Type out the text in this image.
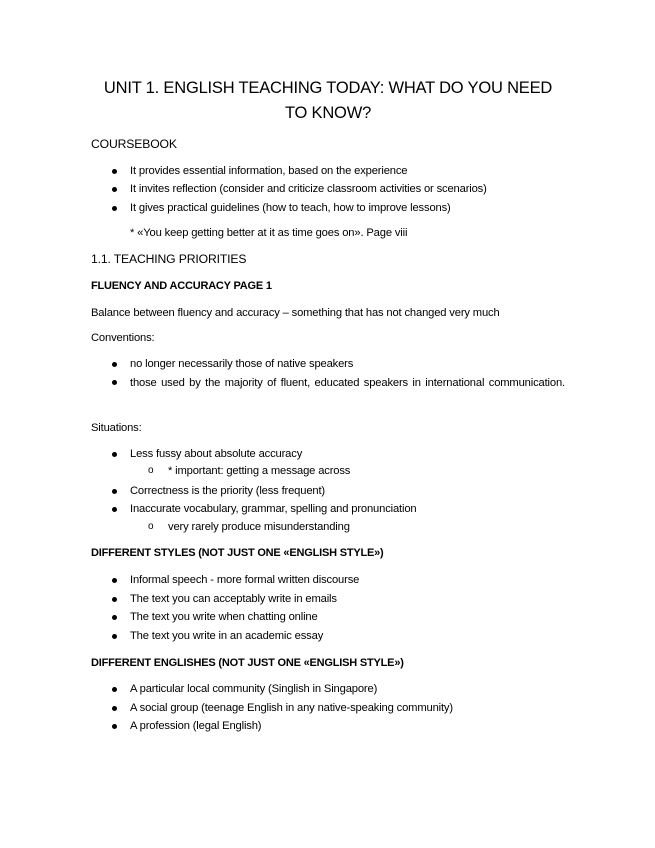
UNIT 1. ENGLISH TEACHING TODAY: WHAT DO YOU NEED TO KNOW?
COURSEBOOK
It provides essential information, based on the experience
It invites reflection (consider and criticize classroom activities or scenarios)
It gives practical guidelines (how to teach, how to improve lessons)
* «You keep getting better at it as time goes on». Page viii
1.1. TEACHING PRIORITIES
FLUENCY AND ACCURACY PAGE 1
Balance between fluency and accuracy – something that has not changed very much
Conventions:
no longer necessarily those of native speakers
those used by the majority of fluent, educated speakers in international communication.
Situations:
Less fussy about absolute accuracy
o * important: getting a message across
Correctness is the priority (less frequent)
Inaccurate vocabulary, grammar, spelling and pronunciation
o very rarely produce misunderstanding
DIFFERENT STYLES (NOT JUST ONE «ENGLISH STYLE»)
Informal speech - more formal written discourse
The text you can acceptably write in emails
The text you write when chatting online
The text you write in an academic essay
DIFFERENT ENGLISHES (NOT JUST ONE «ENGLISH STYLE»)
A particular local community (Singlish in Singapore)
A social group (teenage English in any native-speaking community)
A profession (legal English)
